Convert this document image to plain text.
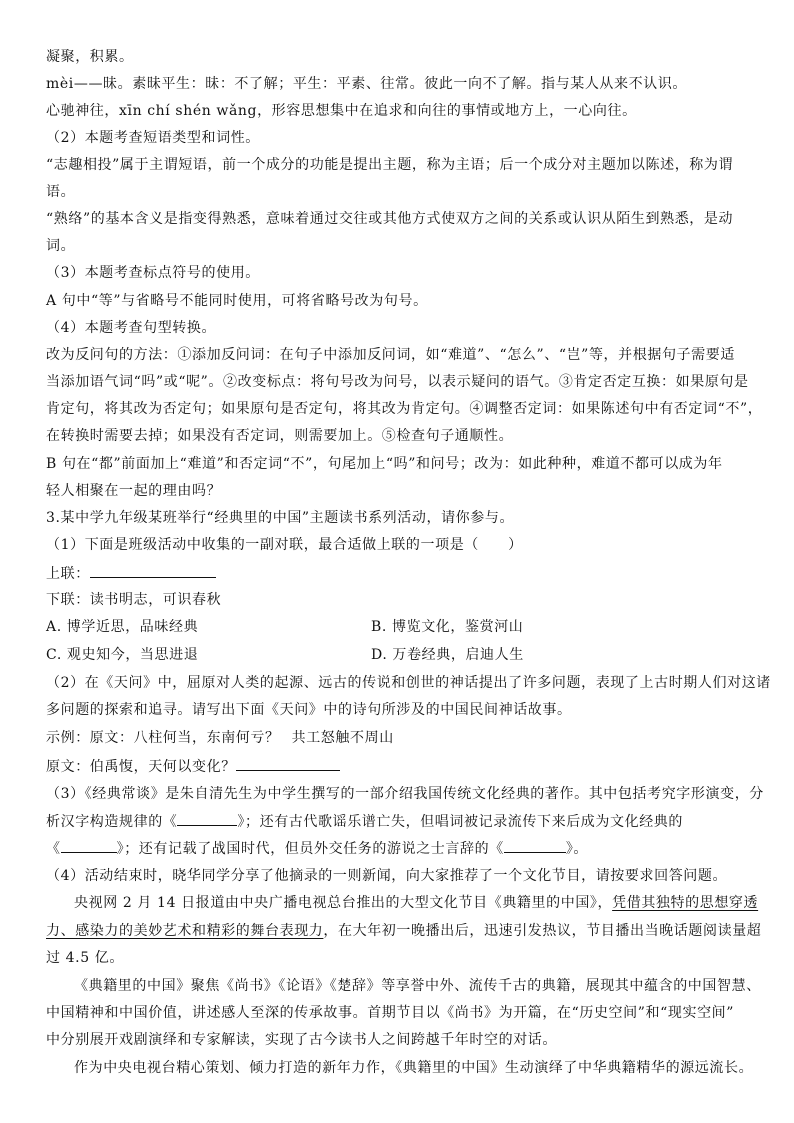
凝聚，积累。
mèi——昧。素昧平生：昧：不了解；平生：平素、往常。彼此一向不了解。指与某人从来不认识。
心驰神往，xīn chí shén wǎng，形容思想集中在追求和向往的事情或地方上，一心向往。
（2）本题考查短语类型和词性。
“志趣相投”属于主谓短语，前一个成分的功能是提出主题，称为主语；后一个成分对主题加以陈述，称为谓
语。
“熟络”的基本含义是指变得熟悉，意味着通过交往或其他方式使双方之间的关系或认识从陌生到熟悉，是动
词。
（3）本题考查标点符号的使用。
A 句中“等”与省略号不能同时使用，可将省略号改为句号。
（4）本题考查句型转换。
改为反问句的方法：①添加反问词：在句子中添加反问词，如“难道”、“怎么”、“岂”等，并根据句子需要适
当添加语气词“吗”或“呢”。②改变标点：将句号改为问号，以表示疑问的语气。③肯定否定互换：如果原句是
肯定句，将其改为否定句；如果原句是否定句，将其改为肯定句。④调整否定词：如果陈述句中有否定词“不”，
在转换时需要去掉；如果没有否定词，则需要加上。⑤检查句子通顺性。
B 句在“都”前面加上“难道”和否定词“不”，句尾加上“吗”和问号；改为：如此种种，难道不都可以成为年
轻人相聚在一起的理由吗？
3.某中学九年级某班举行“经典里的中国”主题读书系列活动，请你参与。
（1）下面是班级活动中收集的一副对联，最合适做上联的一项是（　　）
上联：
下联：读书明志，可识春秋
A. 博学近思，品味经典	B. 博览文化，鉴赏河山
C. 观史知今，当思进退	D. 万卷经典，启迪人生
（2）在《天问》中，屈原对人类的起源、远古的传说和创世的神话提出了许多问题，表现了上古时期人们对这诸
多问题的探索和追寻。请写出下面《天问》中的诗句所涉及的中国民间神话故事。
示例：原文：八柱何当，东南何亏？ 共工怒触不周山
原文：伯禹愎，天何以变化？
（3）《经典常谈》是朱自清先生为中学生撰写的一部介绍我国传统文化经典的著作。其中包括考究字形演变，分
析汉字构造规律的《	》；还有古代歌谣乐谱亡失，但唱词被记录流传下来后成为文化经典的
《	》；还有记载了战国时代，但员外交任务的游说之士言辞的《	》。
（4）活动结束时，晓华同学分享了他摘录的一则新闻，向大家推荐了一个文化节目，请按要求回答问题。
央视网 2 月 14 日报道由中央广播电视总台推出的大型文化节目《典籍里的中国》，凭借其独特的思想穿透
力、感染力的美妙艺术和精彩的舞台表现力，在大年初一晚播出后，迅速引发热议，节目播出当晚话题阅读量超
过 4.5 亿。
《典籍里的中国》聚焦《尚书》《论语》《楚辞》等享誉中外、流传千古的典籍，展现其中蕴含的中国智慧、
中国精神和中国价值，讲述感人至深的传承故事。首期节目以《尚书》为开篇，在“历史空间”和“现实空间”
中分别展开戏剧演绎和专家解读，实现了古今读书人之间跨越千年时空的对话。
作为中央电视台精心策划、倾力打造的新年力作，《典籍里的中国》生动演绎了中华典籍精华的源远流长。
